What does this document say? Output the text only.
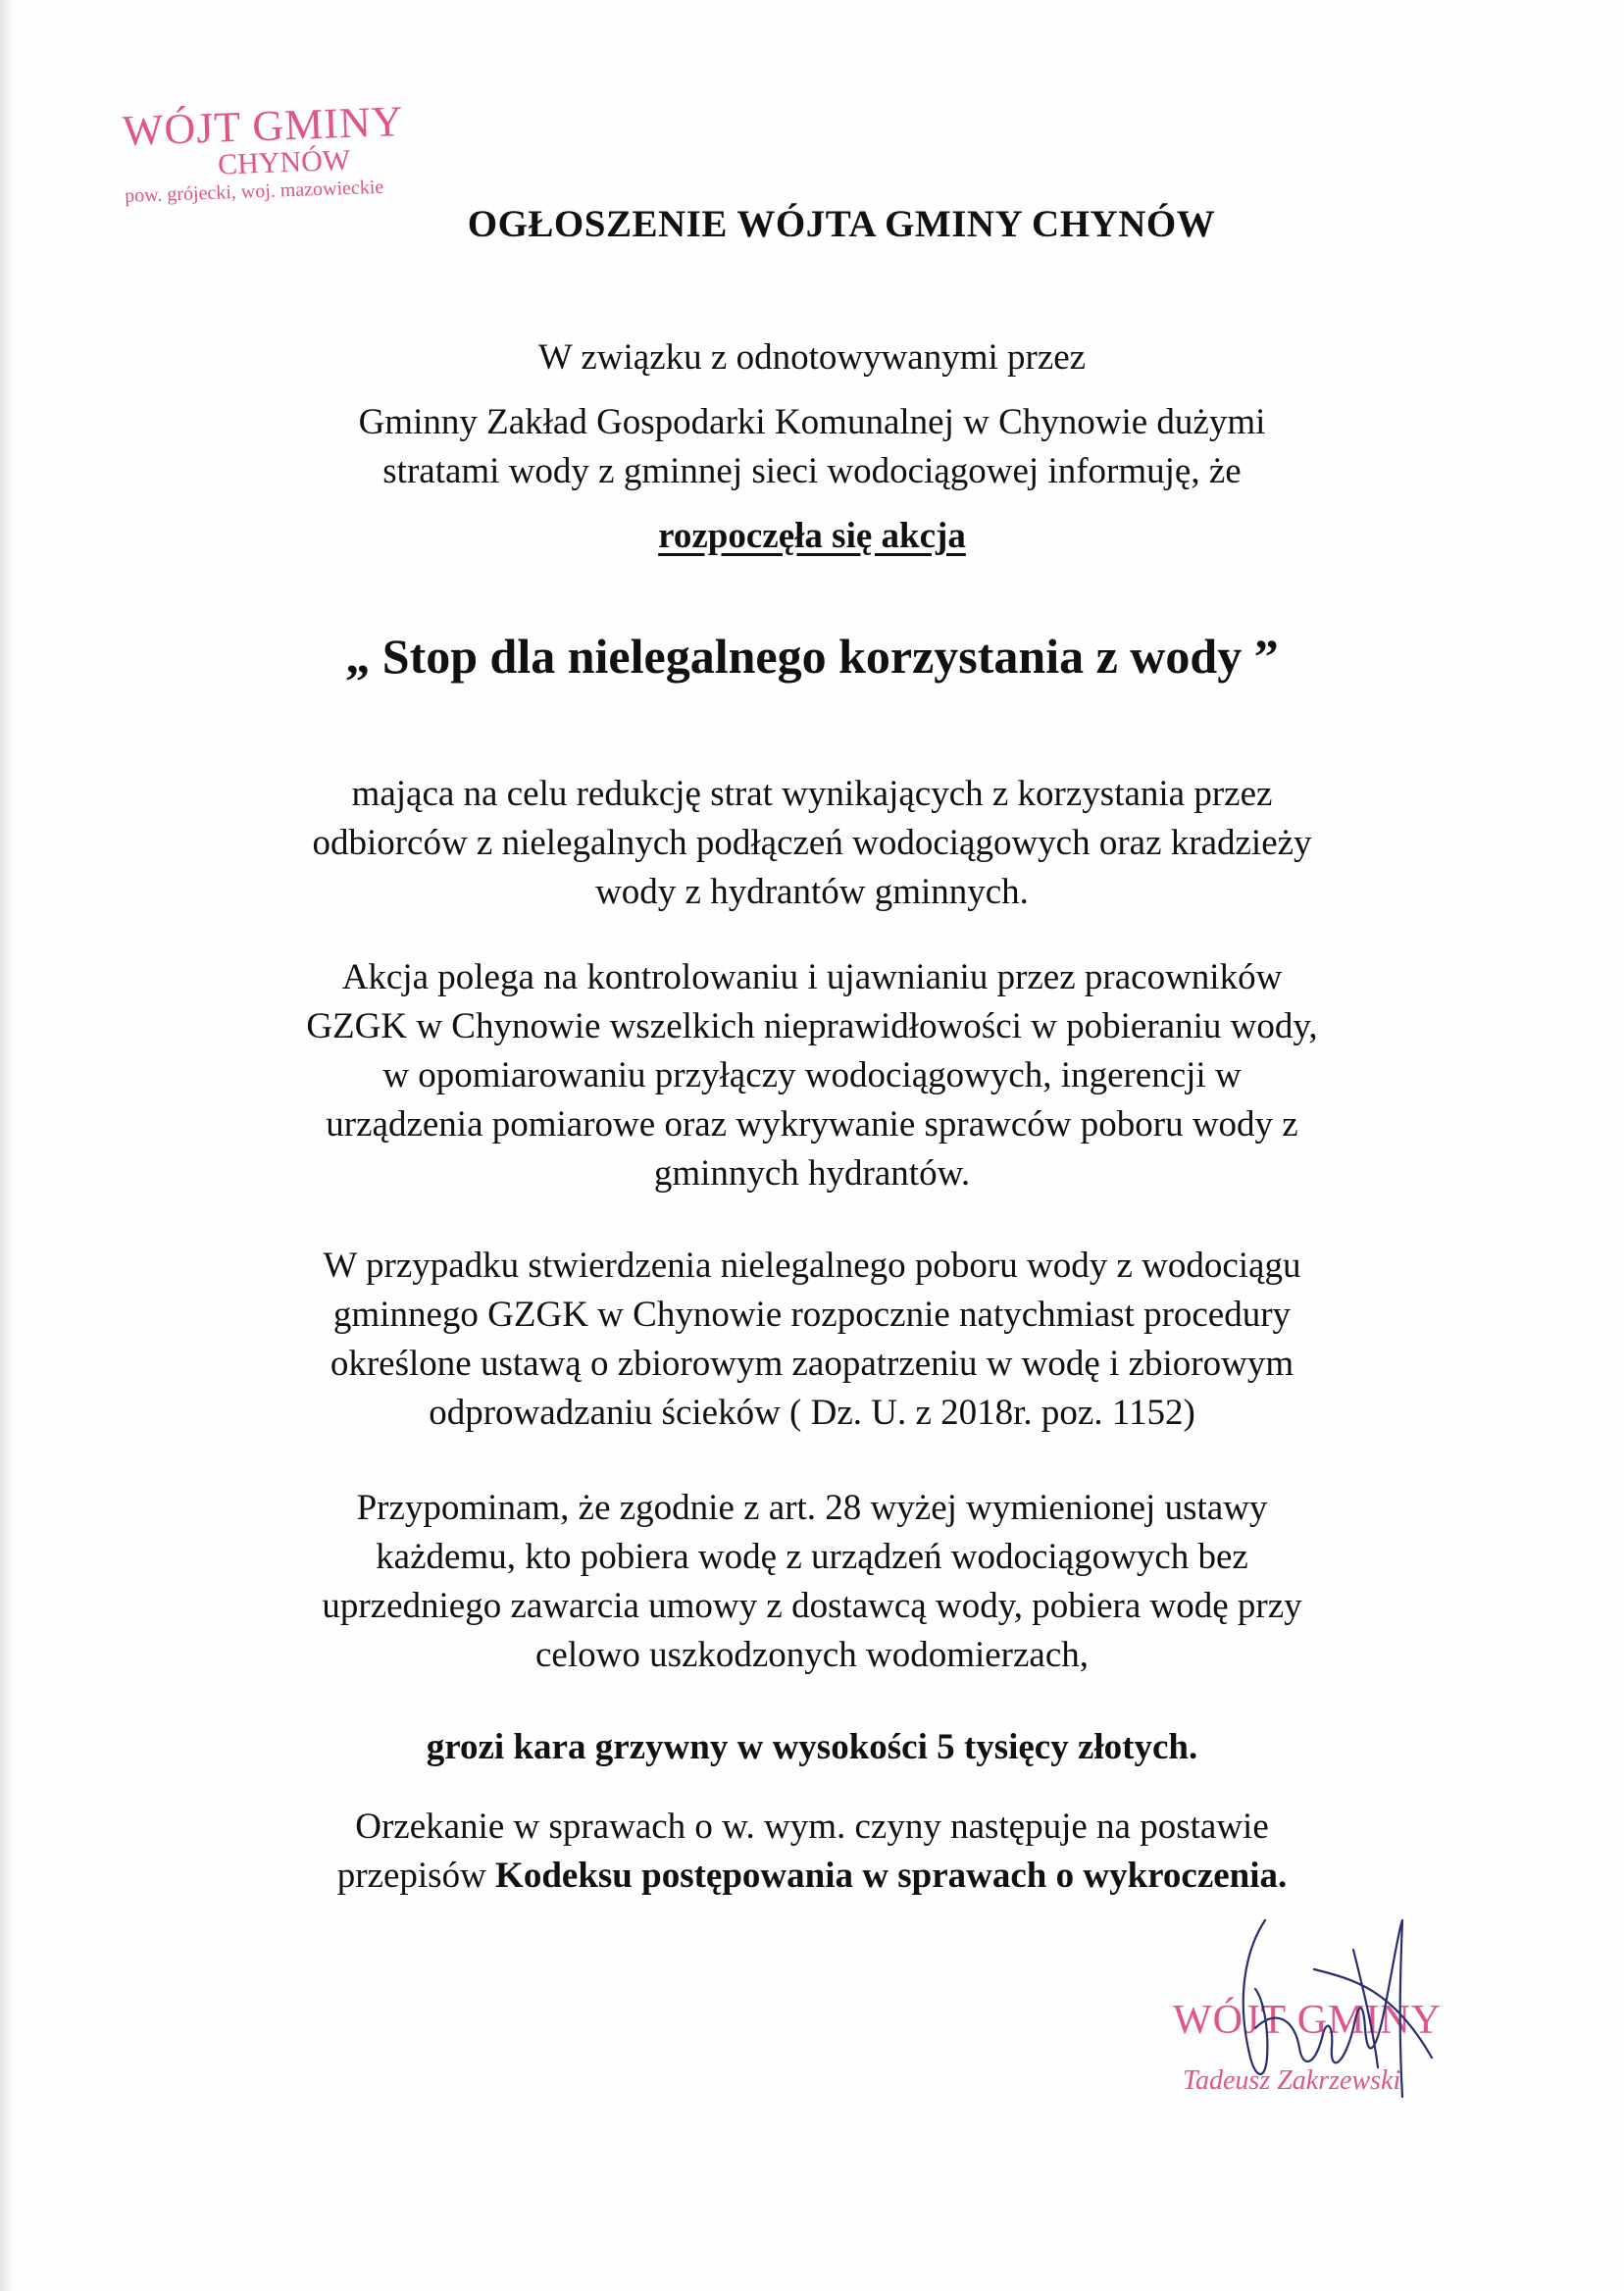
WÓJT GMINY
CHYNÓW
pow. grójecki, woj. mazowieckie
OGŁOSZENIE WÓJTA GMINY CHYNÓW

W związku z odnotowywanymi przez

Gminny Zakład Gospodarki Komunalnej w Chynowie dużymi

stratami wody z gminnej sieci wodociągowej informuję, że

rozpoczęła się akcja
„ Stop dla nielegalnego korzystania z wody ”

mająca na celu redukcję strat wynikających z korzystania przez

odbiorców z nielegalnych podłączeń wodociągowych oraz kradzieży

wody z hydrantów gminnych.

Akcja polega na kontrolowaniu i ujawnianiu przez pracowników

GZGK w Chynowie wszelkich nieprawidłowości w pobieraniu wody,

w opomiarowaniu przyłączy wodociągowych, ingerencji w

urządzenia pomiarowe oraz wykrywanie sprawców poboru wody z

gminnych hydrantów.

W przypadku stwierdzenia nielegalnego poboru wody z wodociągu

gminnego GZGK w Chynowie rozpocznie natychmiast procedury

określone ustawą o zbiorowym zaopatrzeniu w wodę i zbiorowym

odprowadzaniu ścieków ( Dz. U. z 2018r. poz. 1152)

Przypominam, że zgodnie z art. 28 wyżej wymienionej ustawy

każdemu, kto pobiera wodę z urządzeń wodociągowych bez

uprzedniego zawarcia umowy z dostawcą wody, pobiera wodę przy

celowo uszkodzonych wodomierzach,

grozi kara grzywny w wysokości 5 tysięcy złotych.

Orzekanie w sprawach o w. wym. czyny następuje na postawie

przepisów Kodeksu postępowania w sprawach o wykroczenia.

WÓJT GMINY
Tadeusz Zakrzewski
